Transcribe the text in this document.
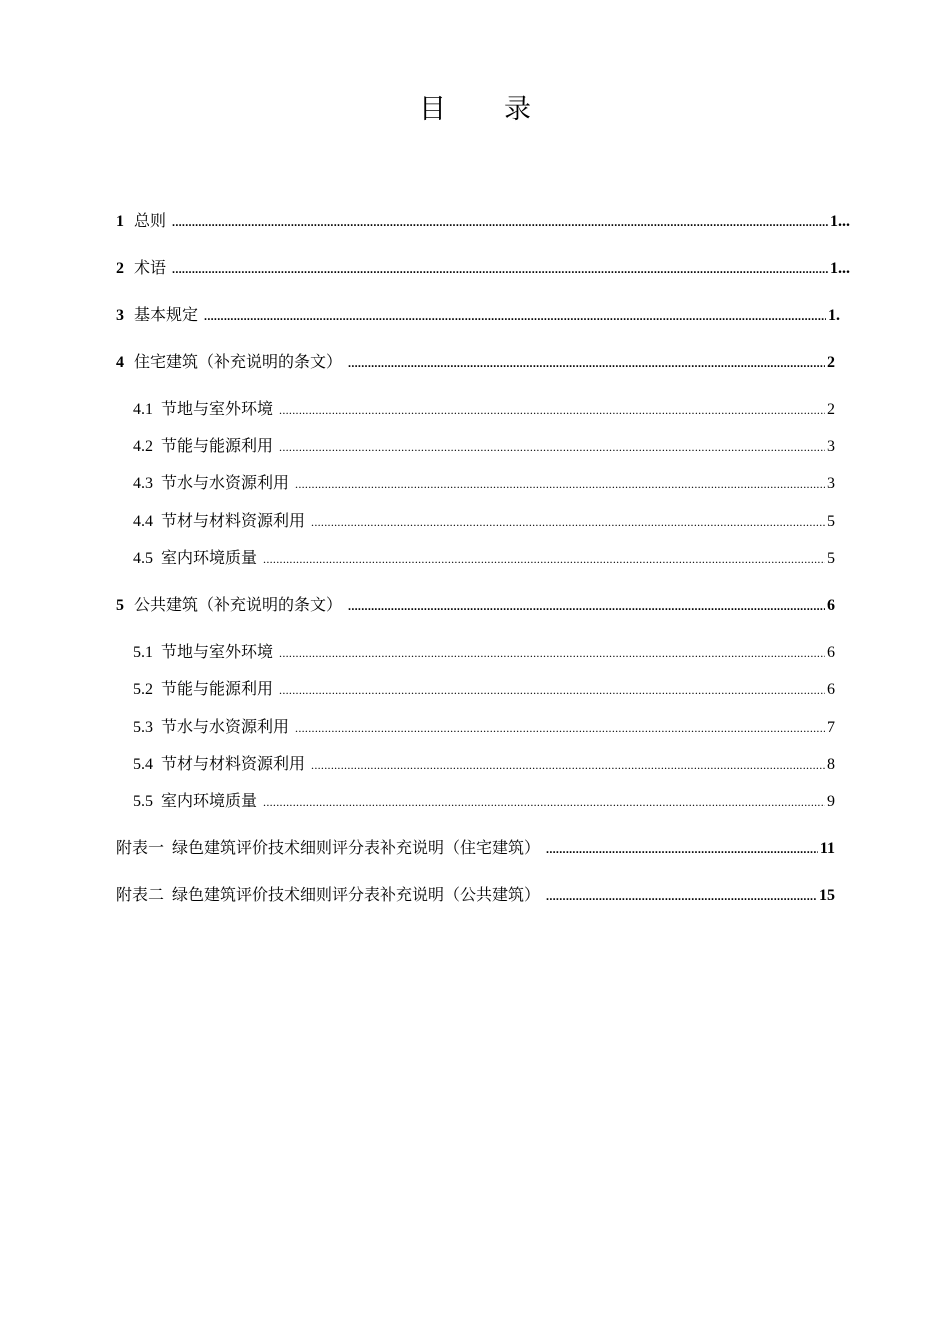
目 录
1 总则 .....	1...
2 术语 .....	1...
3 基本规定 .....	1.
4 住宅建筑（补充说明的条文） .....	2
4.1 节地与室外环境 .....	2
4.2 节能与能源利用 .....	3
4.3 节水与水资源利用 .....	3
4.4 节材与材料资源利用 .....	5
4.5 室内环境质量 .....	5
5 公共建筑（补充说明的条文） .....	6
5.1 节地与室外环境 .....	6
5.2 节能与能源利用 .....	6
5.3 节水与水资源利用 .....	7
5.4 节材与材料资源利用 .....	8
5.5 室内环境质量 .....	9
附表一 绿色建筑评价技术细则评分表补充说明（住宅建筑） .....	11
附表二 绿色建筑评价技术细则评分表补充说明（公共建筑） .....	15
